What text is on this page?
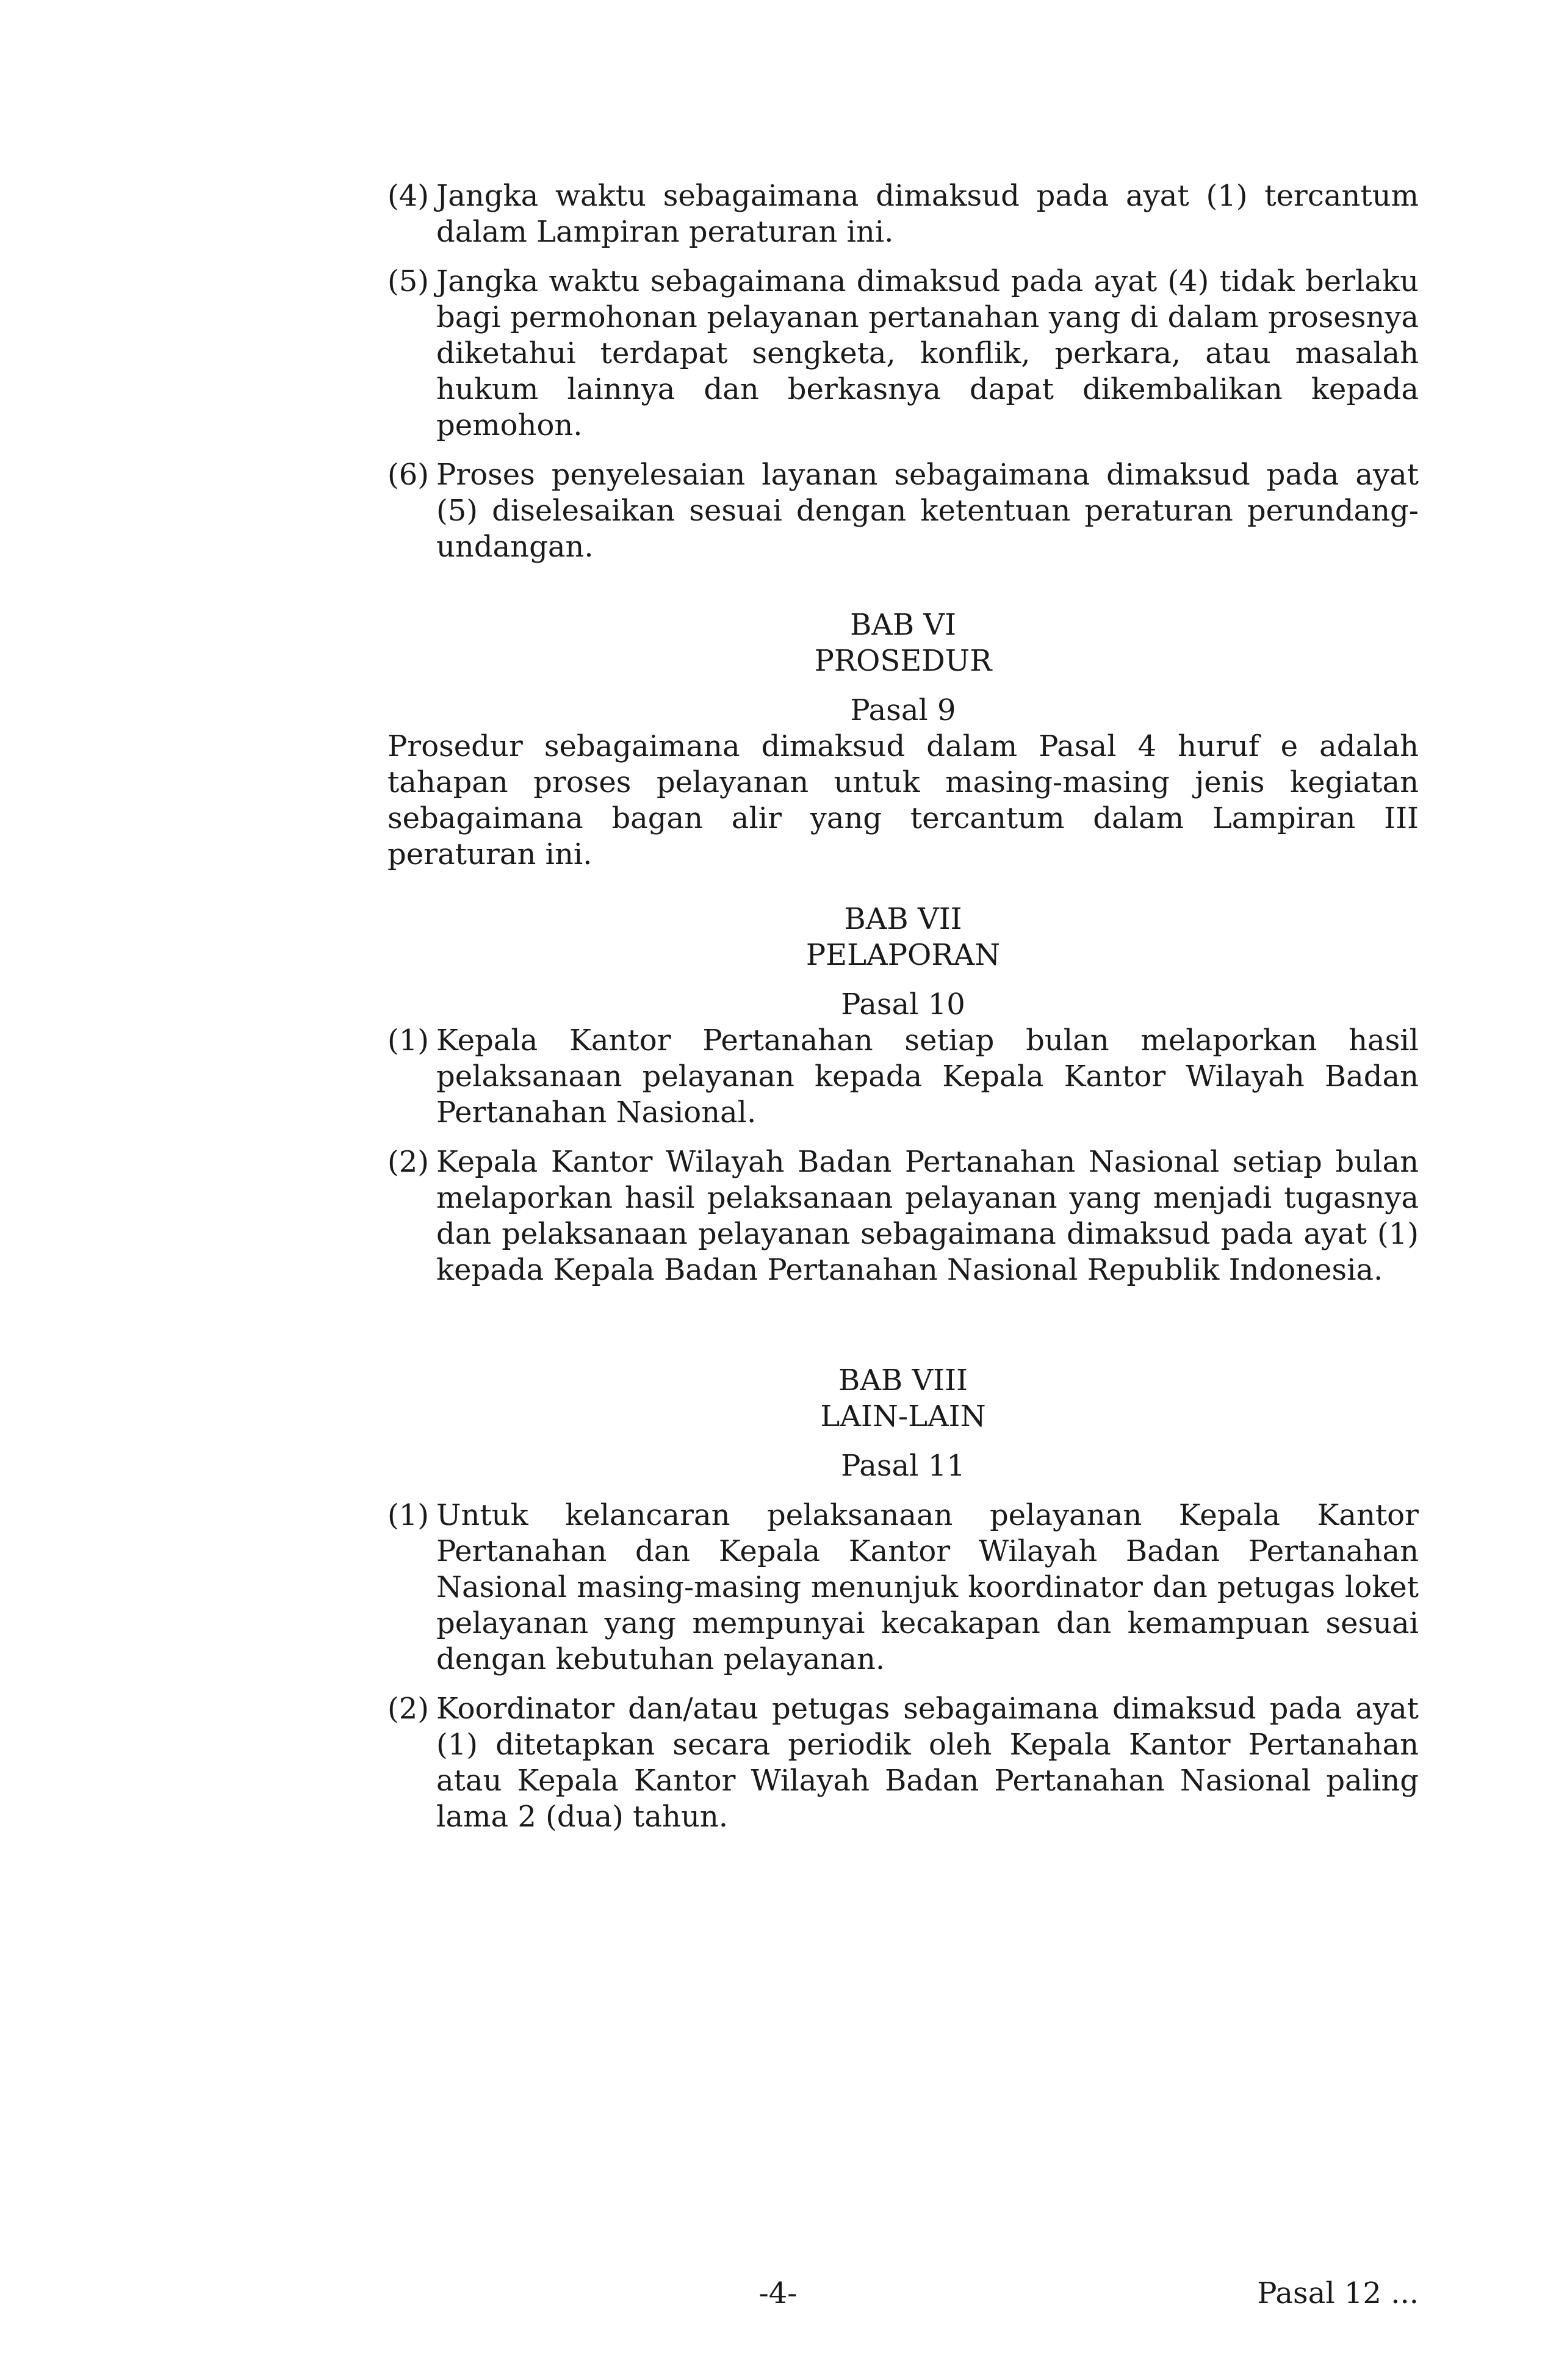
(4) Jangka waktu sebagaimana dimaksud pada ayat (1) tercantum dalam Lampiran peraturan ini.
(5) Jangka waktu sebagaimana dimaksud pada ayat (4) tidak berlaku bagi permohonan pelayanan pertanahan yang di dalam prosesnya diketahui terdapat sengketa, konflik, perkara, atau masalah hukum lainnya dan berkasnya dapat dikembalikan kepada pemohon.
(6) Proses penyelesaian layanan sebagaimana dimaksud pada ayat (5) diselesaikan sesuai dengan ketentuan peraturan perundang-undangan.
BAB VI
PROSEDUR
Pasal 9
Prosedur sebagaimana dimaksud dalam Pasal 4 huruf e adalah tahapan proses pelayanan untuk masing-masing jenis kegiatan sebagaimana bagan alir yang tercantum dalam Lampiran III peraturan ini.
BAB VII
PELAPORAN
Pasal 10
(1) Kepala Kantor Pertanahan setiap bulan melaporkan hasil pelaksanaan pelayanan kepada Kepala Kantor Wilayah Badan Pertanahan Nasional.
(2) Kepala Kantor Wilayah Badan Pertanahan Nasional setiap bulan melaporkan hasil pelaksanaan pelayanan yang menjadi tugasnya dan pelaksanaan pelayanan sebagaimana dimaksud pada ayat (1) kepada Kepala Badan Pertanahan Nasional Republik Indonesia.
BAB VIII
LAIN-LAIN
Pasal 11
(1) Untuk kelancaran pelaksanaan pelayanan Kepala Kantor Pertanahan dan Kepala Kantor Wilayah Badan Pertanahan Nasional masing-masing menunjuk koordinator dan petugas loket pelayanan yang mempunyai kecakapan dan kemampuan sesuai dengan kebutuhan pelayanan.
(2) Koordinator dan/atau petugas sebagaimana dimaksud pada ayat (1) ditetapkan secara periodik oleh Kepala Kantor Pertanahan atau Kepala Kantor Wilayah Badan Pertanahan Nasional paling lama 2 (dua) tahun.
-4-	Pasal 12 ...
